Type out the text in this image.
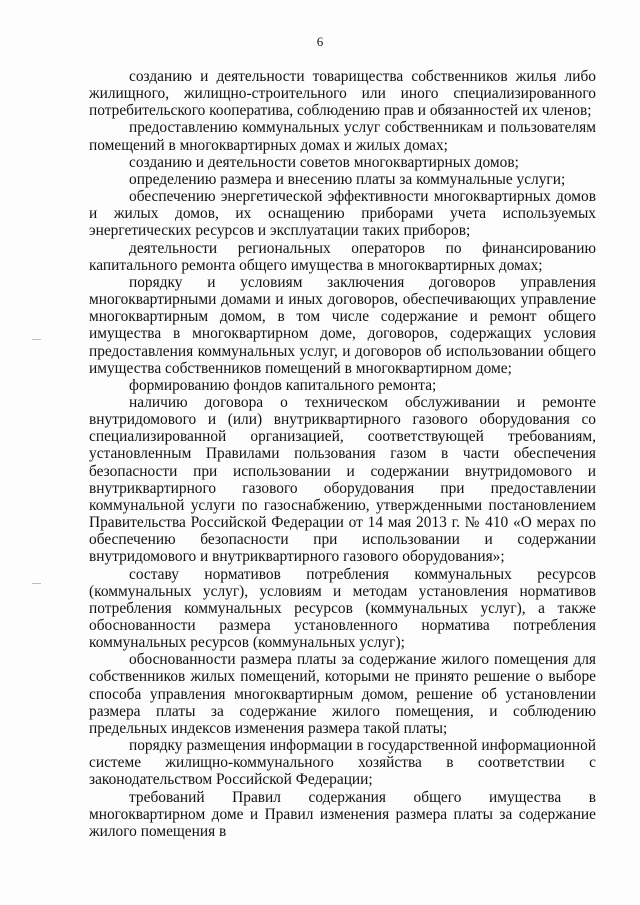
6

созданию и деятельности товарищества собственников жилья либо жилищного, жилищно-строительного или иного специализированного потребительского кооператива, соблюдению прав и обязанностей их членов;

предоставлению коммунальных услуг собственникам и пользователям помещений в многоквартирных домах и жилых домах;

созданию и деятельности советов многоквартирных домов;

определению размера и внесению платы за коммунальные услуги;

обеспечению энергетической эффективности многоквартирных домов и жилых домов, их оснащению приборами учета используемых энергетических ресурсов и эксплуатации таких приборов;

деятельности региональных операторов по финансированию капитального ремонта общего имущества в многоквартирных домах;

порядку и условиям заключения договоров управления многоквартирными домами и иных договоров, обеспечивающих управление многоквартирным домом, в том числе содержание и ремонт общего имущества в многоквартирном доме, договоров, содержащих условия предоставления коммунальных услуг, и договоров об использовании общего имущества собственников помещений в многоквартирном доме;

формированию фондов капитального ремонта;

наличию договора о техническом обслуживании и ремонте внутридомового и (или) внутриквартирного газового оборудования со специализированной организацией, соответствующей требованиям, установленным Правилами пользования газом в части обеспечения безопасности при использовании и содержании внутридомового и внутриквартирного газового оборудования при предоставлении коммунальной услуги по газоснабжению, утвержденными постановлением Правительства Российской Федерации от 14 мая 2013 г. № 410 «О мерах по обеспечению безопасности при использовании и содержании внутридомового и внутриквартирного газового оборудования»;

составу нормативов потребления коммунальных ресурсов (коммунальных услуг), условиям и методам установления нормативов потребления коммунальных ресурсов (коммунальных услуг), а также обоснованности размера установленного норматива потребления коммунальных ресурсов (коммунальных услуг);

обоснованности размера платы за содержание жилого помещения для собственников жилых помещений, которыми не принято решение о выборе способа управления многоквартирным домом, решение об установлении размера платы за содержание жилого помещения, и соблюдению предельных индексов изменения размера такой платы;

порядку размещения информации в государственной информационной системе жилищно-коммунального хозяйства в соответствии с законодательством Российской Федерации;

требований Правил содержания общего имущества в многоквартирном доме и Правил изменения размера платы за содержание жилого помещения в
